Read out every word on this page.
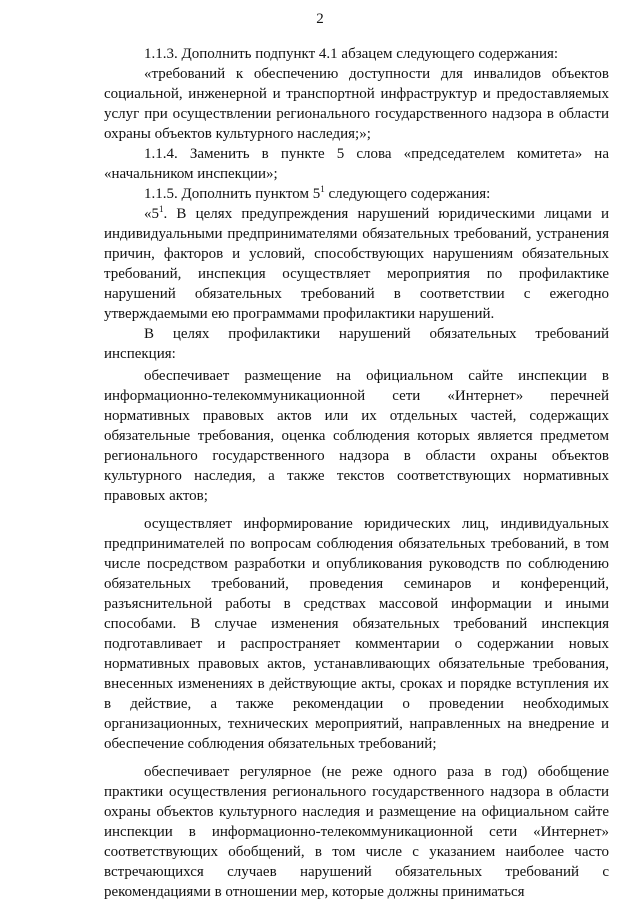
2

1.1.3. Дополнить подпункт 4.1 абзацем следующего содержания:

«требований к обеспечению доступности для инвалидов объектов социальной, инженерной и транспортной инфраструктур и предоставляемых услуг при осуществлении регионального государственного надзора в области охраны объектов культурного наследия;»;

1.1.4. Заменить в пункте 5 слова «председателем комитета» на «начальником инспекции»;

1.1.5. Дополнить пунктом $5^1$ следующего содержания:

«$5^1$. В целях предупреждения нарушений юридическими лицами и индивидуальными предпринимателями обязательных требований, устранения причин, факторов и условий, способствующих нарушениям обязательных требований, инспекция осуществляет мероприятия по профилактике нарушений обязательных требований в соответствии с ежегодно утверждаемыми ею программами профилактики нарушений.

В целях профилактики нарушений обязательных требований инспекция:

обеспечивает размещение на официальном сайте инспекции в информационно-телекоммуникационной сети «Интернет» перечней нормативных правовых актов или их отдельных частей, содержащих обязательные требования, оценка соблюдения которых является предметом регионального государственного надзора в области охраны объектов культурного наследия, а также текстов соответствующих нормативных правовых актов;

осуществляет информирование юридических лиц, индивидуальных предпринимателей по вопросам соблюдения обязательных требований, в том числе посредством разработки и опубликования руководств по соблюдению обязательных требований, проведения семинаров и конференций, разъяснительной работы в средствах массовой информации и иными способами. В случае изменения обязательных требований инспекция подготавливает и распространяет комментарии о содержании новых нормативных правовых актов, устанавливающих обязательные требования, внесенных изменениях в действующие акты, сроках и порядке вступления их в действие, а также рекомендации о проведении необходимых организационных, технических мероприятий, направленных на внедрение и обеспечение соблюдения обязательных требований;

обеспечивает регулярное (не реже одного раза в год) обобщение практики осуществления регионального государственного надзора в области охраны объектов культурного наследия и размещение на официальном сайте инспекции в информационно-телекоммуникационной сети «Интернет» соответствующих обобщений, в том числе с указанием наиболее часто встречающихся случаев нарушений обязательных требований с рекомендациями в отношении мер, которые должны приниматься
